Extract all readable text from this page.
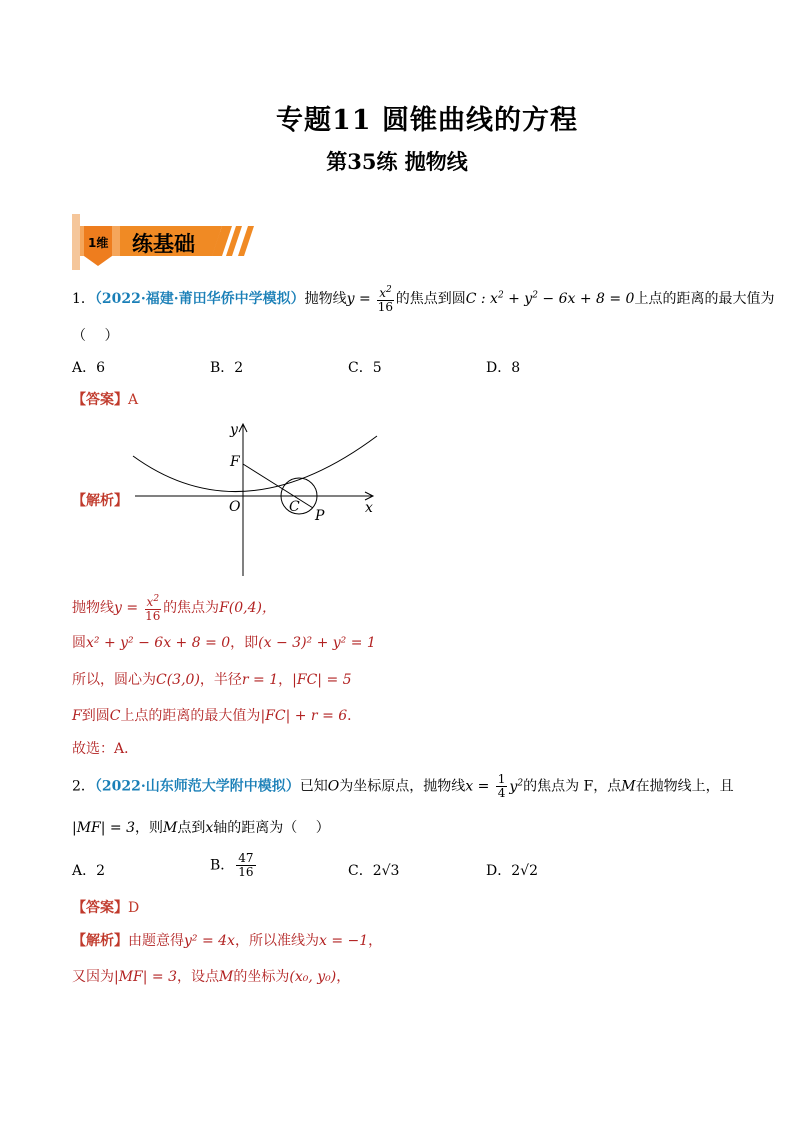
专题11 圆锥曲线的方程
第35练 抛物线
1维 练基础
1．（2022·福建·莆田华侨中学模拟）抛物线$y = \frac{x^2}{16}$ 的焦点到圆C : $x^2 + y^2 - 6x + 8 = 0$上点的距离的最大值为
（　 ）
A．6	B．2	C．5	D．8
【答案】A
【解析】
y
x
F
O	C
P
抛物线$y = \frac{x^2}{16}$ 的焦点为F(0,4)，
圆x² + y² − 6x + 8 = 0，即(x − 3)² + y² = 1
所以，圆心为C(3,0)，半径r = 1，|FC| = 5
F到圆C上点的距离的最大值为|FC| + r = 6．
故选：A．
2．（2022·山东师范大学附中模拟）已知O为坐标原点，抛物线$x = \frac{1}{4} y^2$的焦点为 F，点M在抛物线上，且
|MF| = 3，则M点到x轴的距离为（　 ）
A．2	B． $\frac{47}{16}$	C．2√3	D．2√2
【答案】D
【解析】由题意得y² = 4x，所以准线为x = −1，
又因为|MF| = 3，设点M的坐标为(x₀, y₀)，
